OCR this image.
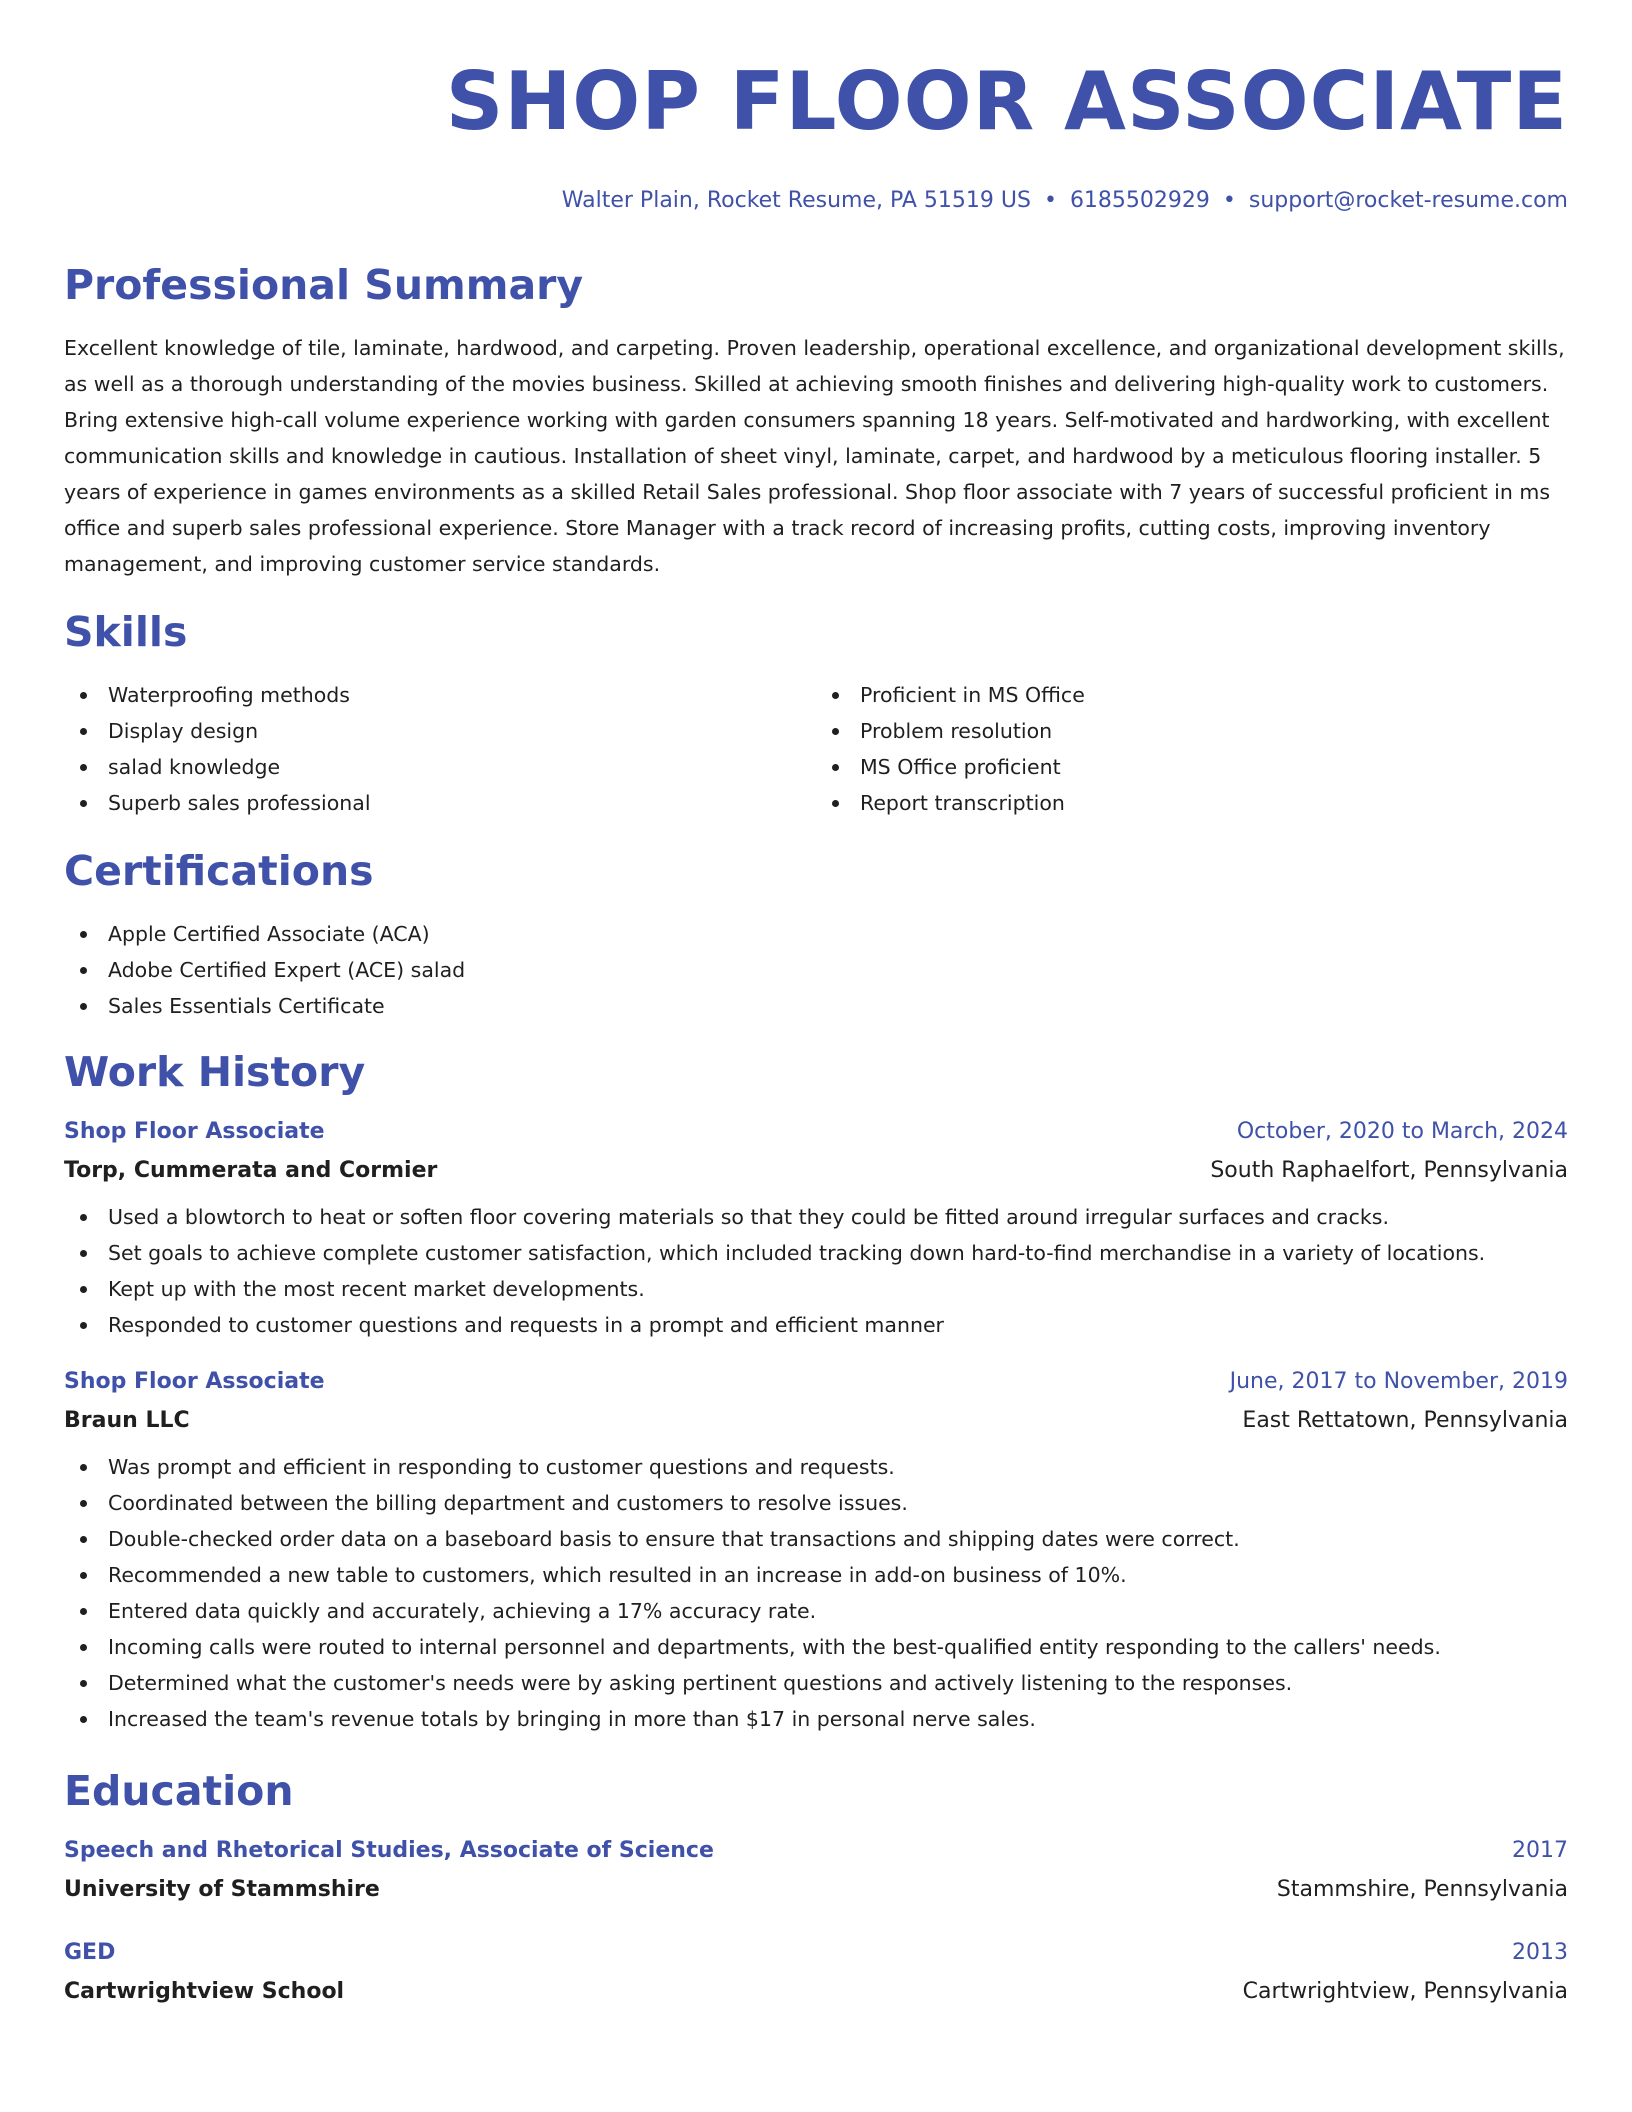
SHOP FLOOR ASSOCIATE
Walter Plain, Rocket Resume, PA 51519 US • 6185502929 • support@rocket-resume.com
Professional Summary

Excellent knowledge of tile, laminate, hardwood, and carpeting. Proven leadership, operational excellence, and organizational development skills, as well as a thorough understanding of the movies business. Skilled at achieving smooth finishes and delivering high-quality work to customers. Bring extensive high-call volume experience working with garden consumers spanning 18 years. Self-motivated and hardworking, with excellent communication skills and knowledge in cautious. Installation of sheet vinyl, laminate, carpet, and hardwood by a meticulous flooring installer. 5 years of experience in games environments as a skilled Retail Sales professional. Shop floor associate with 7 years of successful proficient in ms office and superb sales professional experience. Store Manager with a track record of increasing profits, cutting costs, improving inventory management, and improving customer service standards.

Skills
Waterproofing methods
Display design
salad knowledge
Superb sales professional
Proficient in MS Office
Problem resolution
MS Office proficient
Report transcription
Certifications
Apple Certified Associate (ACA)
Adobe Certified Expert (ACE) salad
Sales Essentials Certificate
Work History
Shop Floor Associate	October, 2020 to March, 2024
Torp, Cummerata and Cormier	South Raphaelfort, Pennsylvania
Used a blowtorch to heat or soften floor covering materials so that they could be fitted around irregular surfaces and cracks.
Set goals to achieve complete customer satisfaction, which included tracking down hard-to-find merchandise in a variety of locations.
Kept up with the most recent market developments.
Responded to customer questions and requests in a prompt and efficient manner
Shop Floor Associate	June, 2017 to November, 2019
Braun LLC	East Rettatown, Pennsylvania
Was prompt and efficient in responding to customer questions and requests.
Coordinated between the billing department and customers to resolve issues.
Double-checked order data on a baseboard basis to ensure that transactions and shipping dates were correct.
Recommended a new table to customers, which resulted in an increase in add-on business of 10%.
Entered data quickly and accurately, achieving a 17% accuracy rate.
Incoming calls were routed to internal personnel and departments, with the best-qualified entity responding to the callers' needs.
Determined what the customer's needs were by asking pertinent questions and actively listening to the responses.
Increased the team's revenue totals by bringing in more than $17 in personal nerve sales.
Education
Speech and Rhetorical Studies, Associate of Science	2017
University of Stammshire	Stammshire, Pennsylvania
GED	2013
Cartwrightview School	Cartwrightview, Pennsylvania
